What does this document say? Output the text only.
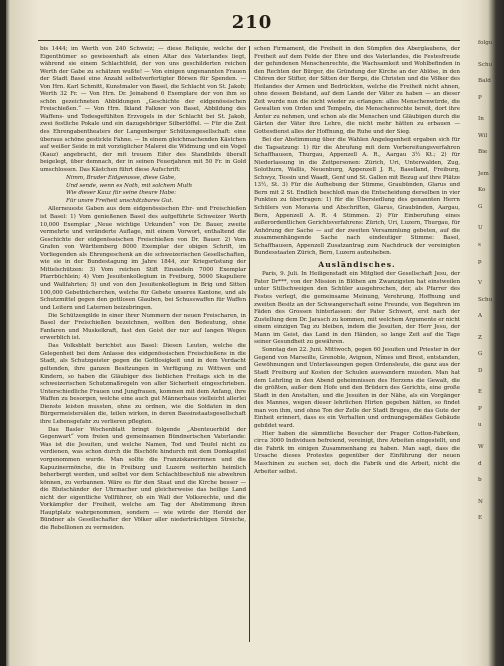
210

bis 1444; im Werth von 240 Schweiz; — diese Reliquie, welche der Eigenthümer so gewissenhaft als einen Altar des Vaterlandes liegt, während sie einem Schlachtfeld, der von uns geschilderten reichen Werth der Gabe zu schätzen wußte! — Von einigen ungenannten Frauen der Stadt Basel eine Anzahl selbstverfertigter Börsen für Spenden. — Von Hrn. Karl Schmitt, Kunstmaler von Basel, die Schlacht von St. Jakob; Werth 32 Fr. — Von Hrn. Dr. Jeinabend 6 Exemplare der von ihm so schön gezeichneten Abbildungen „Geschichte der eidgenössischen Freischießen.“ — Von Hrn. Ikland Falkner von Basel, Abbildung des Waffens- und Todesgefühlten Erzvogels in der Schlacht bei St. Jakob, zwei festliche Pokale und ein dazugehöriger Silberlöffel. — Für die Zeit des Ehrengabentheaters der Langenberger Schützengesellschaft: eine überaus schöne gestickte Fahne. — In einem gleichmachenden Kästchen auf weißer Seide in mit vorzüglicher Malerei die Widmung und ein Vogel (Kauz) angebracht, der mit treuem Eifer des Standbilds überall beigelegt, über demnach, der in seinen Feuerjahren mit 50 Fr. in Gold umschlossen. Das Kästchen führt diese Aufschrift:

Nimm, Bruder Eidgenosse, diese Gabe,
Und sende, wenn es Noth, mit solchem Muth
Wie dieser Kauz für seine theure Habe:
Für unsre Freiheit unschätzbares Gut.

Allerneueste Gaben aus dem eidgenössischen Ehr- und Freischießen ist Basel: 1) Vom genießenen Basel des aufgeführte Schweizer Werth 10,000 Exemplar „Neue wichtige Urkunden“ von Dr. Bauer, zweite vermehrte und veränderte Auflage, mit einem Vorwort, enthaltend die Geschichte der eidgenössischen Freischießen von Dr. Bauer. 2) Vom Grafen von Württemberg 8000 Exemplar der obigen Schrift, im Vorliegenden als Ehrengeschenk an die schweizerischen Gesellschaften, wie sie in der Bundestagung im Jahre 1844, zur Kriegsrüstung der Mittelschützen: 3) Vom reichen Stift Einsiedeln 7000 Exemplar Pfarrbüchlein; 4) Vom Jesuitenkollegium in Freiburg, 5000 Skapuliere und Wallfahrten; 5) und von den Jesuitenkollegium in Brig und Sitten 100,000 Gebetbücherchen, welche für Gebete unseres Kantone, und als Schutzmittel gegen den gottlosen Glauben, bei Schusswaffen für Waffen und Leitern und Laternen beizubringen.

Die Schützengilde in einer ihrer Nummern der neuen Freischaren, in Basel der Freischießen bezeichnen, wollten den Bedeutung, ohne Fanfaren und Muskelkraft, fast den Geist der nur auf langen Wegen erwerblich ist.

Das Volksblatt berichtet aus Basel: Diesen Leuten, welche die Gelegenheit bei dem Anlasse des eidgenössischen Freischießens in die Stadt, als Schutzgeister gegen die Gottlosigkeit und in dem Verdacht geltenden, ihre ganzen Besitzungen in Verfügung zu Wittwen und Kindern, so haben die Gläubiger des lieblichen Freitags sich in die schweizerischen Schutzmaßregeln von aller Sicherheit eingeschrieben. Unterschiedliche Frauen und Jungfrauen, kommen mit dem Anfang, ihre Waffen zu besorgen, welche eine auch gut Männerhaus vielleicht allerlei Dienste leisten mussten, ohne zu ordnen, wie die Soldaten in den Bürgermeistersälen die, teilen wirken, in deren Bassinstaatsgesellschaft ihre Lebensgefahr zu verlieren pflegten.

Das Basler Wochenblatt bringt folgende „Abenteuerbild der Gegenwart“ vom freien und gemeinsamen Bündnerischen Vaterlande: Was ist die Jesuiten, und welche Namen, Tod und Teufel nicht zu verdienen, was schon durch die Bischöfe hindurch mit dem Domkapitel vorgenommen wurde. Man sollte die Franziskanerinnen und die Kapuzinermönche, die in Freiburg und Luzern weiterhin heimlich beherbergt werden, und selbst vor dem Schlachtbeschluß nie abwehren können, zu verbannen. Wäre es für den Staat und die Kirche besser — die Blutschänder der Uhrmacher und gleicherweise das heilige Land nicht der eigentliche Vollführer, ob ein Wall der Volksrechte, und die Vorkämpfer der Freiheit, welche am Tag der Abstimmung ihren Hauptplatz wahrgenommen, sondern — wie würde der Herold der Bündner als Gesellschafter der Völker aller niederträchtigen Streiche, die Rebellionen zu vermeiden.

schen Firmament, die Freiheit in den Sümpfen des Aberglaubens, der Freiheit auf dem Felde der Ehre und des Vaterlandes, die Festesfreude der gefundenen Menschenrechte, die Wachsamkeit und Wohlbefinden in den Rechten der Bürger, die Gründung der Kirche an der Ablöse, in den Chören der Stifter, der Sitten der Berge, die Christen und die Völker des Heilandes der Armen und Bedrückten, welche die Freiheit nicht ahnen, ohne dessen Beistand, auf dem Lande der Väter zu haben — an dieser Zeit wurde nun die nicht wieder zu erlangen: alles Menschenwürde, die Gewalten von Orden und Tempeln, die Menschenrechte bereit, dort ihre Ämter zu nehmen, und schon als die Menschen und Gläubigen durch die Gärten der Väter ihre Lehre, die nicht mehr hätten zu erbauen — Gottesdienst alles der Hoffnung, die Ruhe und der Sieg.

Bei der Abstimmung über die Wahlen Angelegenheit ergaben sich für die Tagsatzung: 1) für die Abrufung mit dem Vorbereitungsverfahren Schaffhausen, Thurgau, Appenzell A. R., Aargau 3½ Kt.; 2) für Niederlassung in die Zeitpersonen: Zürich, Uri, Unterwalden, Zug, Solothurn, Wallis, Neuenburg, Appenzell J. R., Baselland, Freiburg, Schwyz, Tessin und Waadt, Genf und St. Gallen mit Bezug auf ihre Plätze 13½, St. 3) Für die Aufhebung der Stimme, Graubünden, Glarus und Bern mit 2 St. Endlich beschloß man die Entscheidung derselben in vier Punkten zu übertragen: 1) für die Übersiedlung des genannten Herrn Schülers von Moravia und Abschriften, Glarus, Graubünden, Aargau, Bern, Appenzell A. R. 4 Stimmen. 2) Für Einberufung eines außerordentlichen Gerichtsverfahrens: Zürich, Uri, Luzern, Thurgau, für Anhörung der Sache — auf der zweiten Versammlung gebeten, auf die zusammenhängende Sache nach eindeutiger Stimme: Basel, Schaffhausen, Appenzell Zusatzantrag zum Nachdruck der vereinigten Bundesstaaten Zürich, Bern, Luzern aufzuheben.

Ausländisches.

Paris, 9. Juli. In Heiligenstadt ein Mitglied der Gesellschaft Jesu, der Pater Dr***, von der Mission in Blöhen am Zwanzigsten hat einstweilen unter Stillschweigen den Schüler ausgebrochen, der, als Pfarrer des Festes verlegt, die gemeinsame Meinung, Verehrung, Hoffnung und zweiten Besitz an der Schwangerschaft seine Freunde, von Begehren im Fäden des Grossen hinterlassen: der Pater Schwert, erst nach der Zustellung dem Dr. Jarasch zu kommen, mit welchem Argumente er nicht einem einzigen Tag zu bleiben, indem die Jesuiten, der Herr Jesu, der Mann im Geist, das Land in den Händen, so lange Zeit auf die Tage seiner Gesundheit zu gewähren.

Sonntag den 22. Juni. Mittwoch, gegen 60 Jesuiten und Priester in der Gegend von Marseille, Grenoble, Avignon, Nîmes und Brest, entstanden, Gewöhnungen und Unterlassungen gegen Ordensleute, die ganz aus der Stadt Freiburg auf Kosten der Schulen auswandern mussten. Man hat dem Lehrling in den Abend geheimnissen des Herzens die Gewalt, die die größten, außer dem Hofe und den Brüdern des Gerichts, eine große Stadt in den Anstalten, und die Jesuiten in der Nähe, als ein Vorgänger des Mannes, wegen dieser lehrlichen Hirten gegeben hätten, so findet man von ihm, und ohne Ton der Zelle der Stadt Bruges, die das Gute der Einheit erinnert, dass es ein Verhalten und ordnungsgemäßes Gebäude gebildet ward.

Hier haben die sämmtliche Besucher der Prager Cotton-Fabriken, circa 3000 Individuen befreiend, vereinigt, ihre Arbeiten eingestellt, und die Fabrik im einigen Zusammenhang zu haben. Man sagt, dass die Ursache dieses Protestes gegenüber der Einführung der neuen Maschinen zu suchen sei, doch die Fabrik und die Arbeit, nicht die Arbeiter selbst.

folgu
Schu
Bald
P
In
Wil
Bie
Jem
Ko
G
U
s
p
V
Schu
A
Z
G
D
E
P
u
W
d
b
N
E
